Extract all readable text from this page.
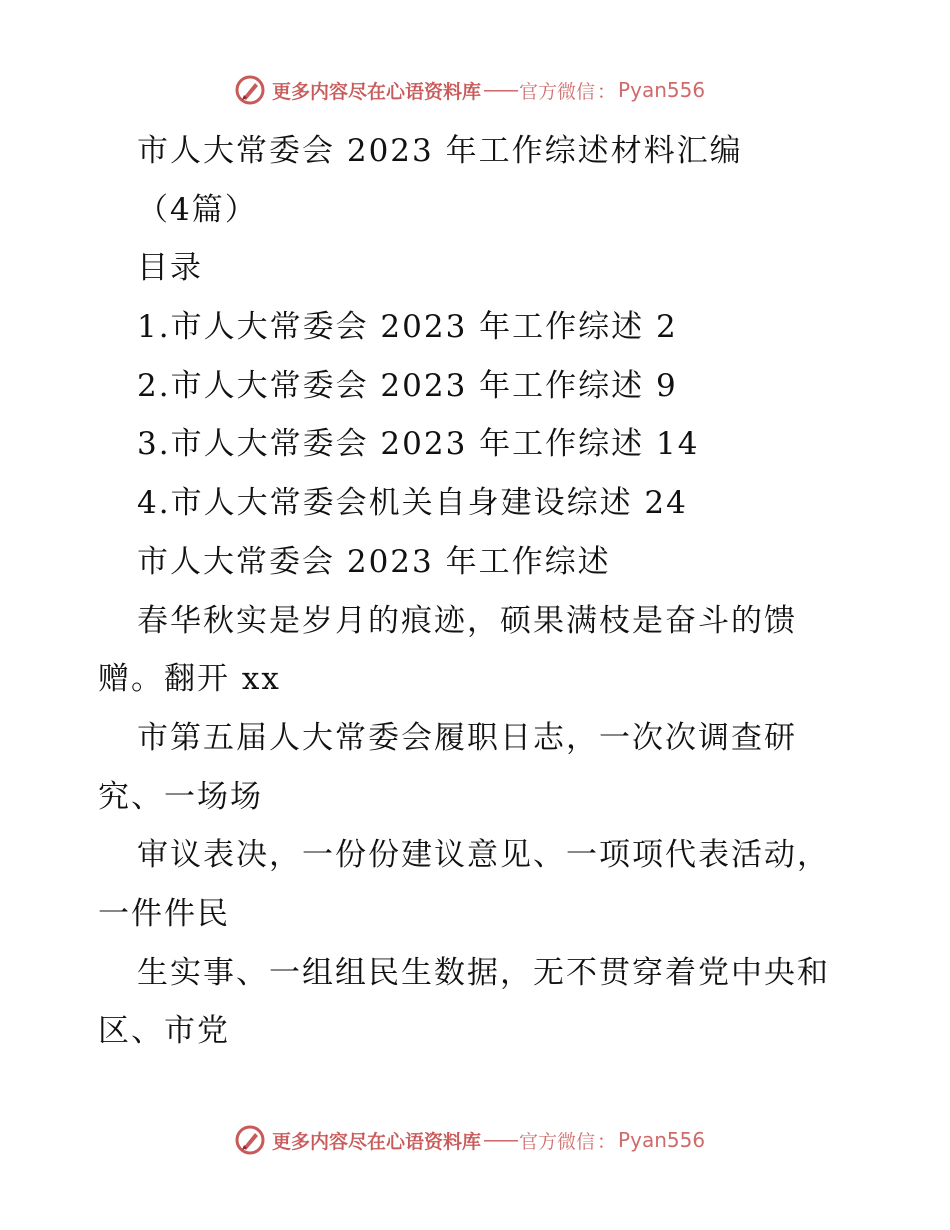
更多内容尽在心语资料库 —— 官方微信 ： Pyan556
市人大常委会 2023 年工作综述材料汇编
（4篇）
目录
1.市人大常委会 2023 年工作综述 2
2.市人大常委会 2023 年工作综述 9
3.市人大常委会 2023 年工作综述 14
4.市人大常委会机关自身建设综述 24
市人大常委会 2023 年工作综述
春华秋实是岁月的痕迹，硕果满枝是奋斗的馈
赠。翻开 xx
市第五届人大常委会履职日志，一次次调查研
究、一场场
审议表决，一份份建议意见、一项项代表活动，
一件件民
生实事、一组组民生数据，无不贯穿着党中央和
区、市党
更多内容尽在心语资料库 —— 官方微信 ： Pyan556
